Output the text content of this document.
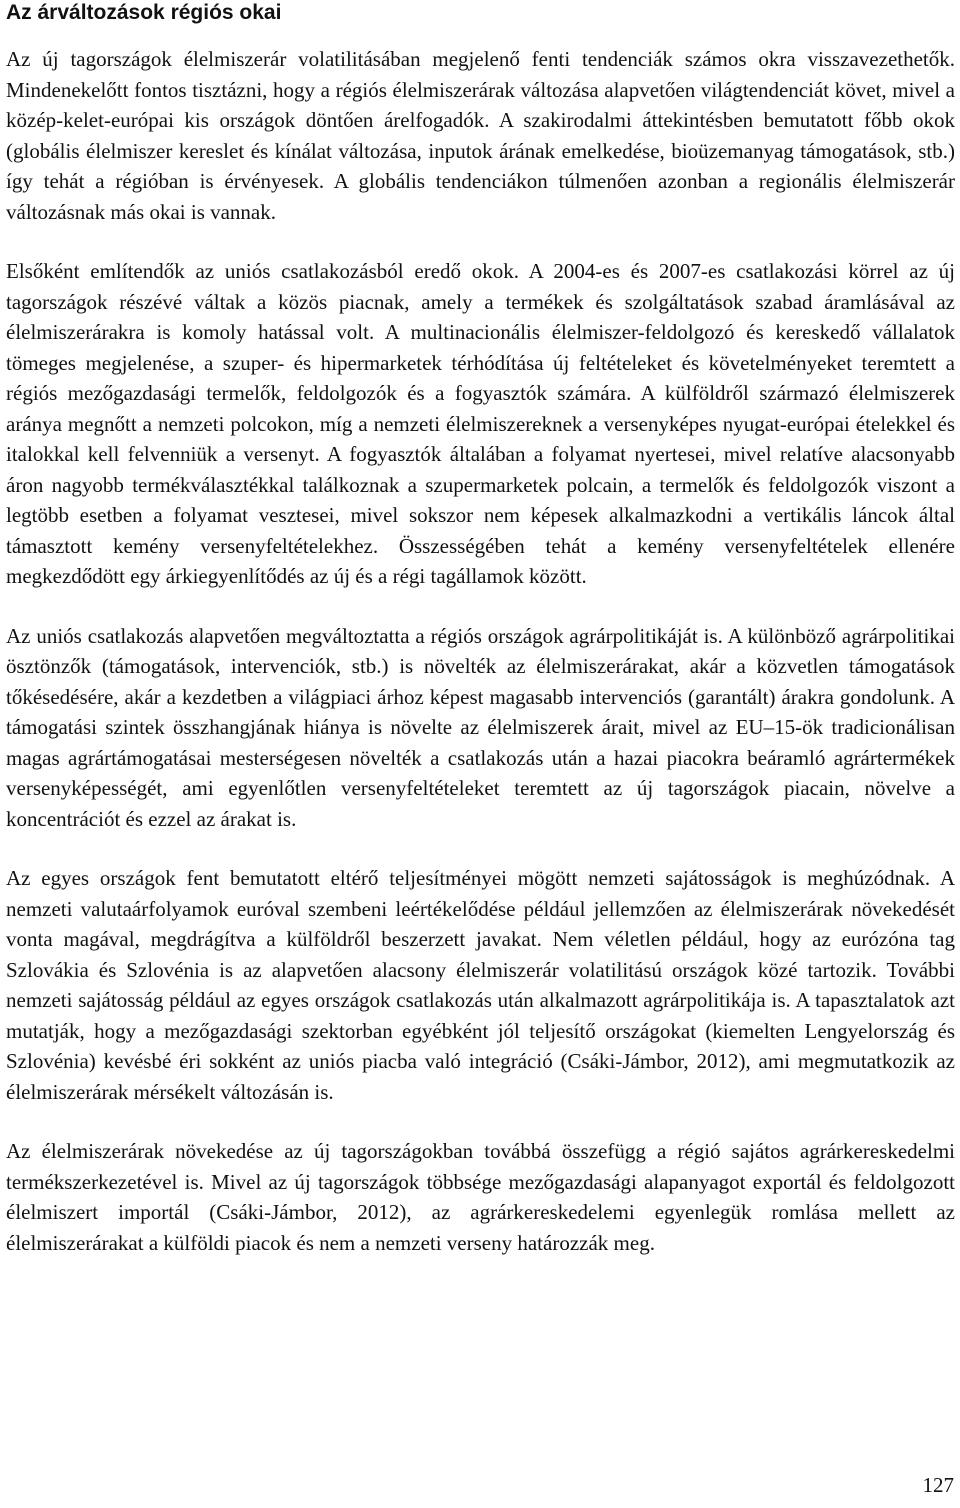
Az árváltozások régiós okai

Az új tagországok élelmiszerár volatilitásában megjelenő fenti tendenciák számos okra visszavezethetők. Mindenekelőtt fontos tisztázni, hogy a régiós élelmiszerárak változása alapvetően világtendenciát követ, mivel a közép-kelet-európai kis országok döntően árelfogadók. A szakirodalmi áttekintésben bemutatott főbb okok (globális élelmiszer kereslet és kínálat változása, inputok árának emelkedése, bioüzemanyag támogatások, stb.) így tehát a régióban is érvényesek. A globális tendenciákon túlmenően azonban a regionális élelmiszerár változásnak más okai is vannak.

Elsőként említendők az uniós csatlakozásból eredő okok. A 2004-es és 2007-es csatlakozási körrel az új tagországok részévé váltak a közös piacnak, amely a termékek és szolgáltatások szabad áramlásával az élelmiszerárakra is komoly hatással volt. A multinacionális élelmiszer-feldolgozó és kereskedő vállalatok tömeges megjelenése, a szuper- és hipermarketek térhódítása új feltételeket és követelményeket teremtett a régiós mezőgazdasági termelők, feldolgozók és a fogyasztók számára. A külföldről származó élelmiszerek aránya megnőtt a nemzeti polcokon, míg a nemzeti élelmiszereknek a versenyképes nyugat-európai ételekkel és italokkal kell felvenniük a versenyt. A fogyasztók általában a folyamat nyertesei, mivel relatíve alacsonyabb áron nagyobb termékválasztékkal találkoznak a szupermarketek polcain, a termelők és feldolgozók viszont a legtöbb esetben a folyamat vesztesei, mivel sokszor nem képesek alkalmazkodni a vertikális láncok által támasztott kemény versenyfeltételekhez. Összességében tehát a kemény versenyfeltételek ellenére megkezdődött egy árkiegyenlítődés az új és a régi tagállamok között.

Az uniós csatlakozás alapvetően megváltoztatta a régiós országok agrárpolitikáját is. A különböző agrárpolitikai ösztönzők (támogatások, intervenciók, stb.) is növelték az élelmiszerárakat, akár a közvetlen támogatások tőkésedésére, akár a kezdetben a világpiaci árhoz képest magasabb intervenciós (garantált) árakra gondolunk. A támogatási szintek összhangjának hiánya is növelte az élelmiszerek árait, mivel az EU–15-ök tradicionálisan magas agrártámogatásai mesterségesen növelték a csatlakozás után a hazai piacokra beáramló agrártermékek versenyképességét, ami egyenlőtlen versenyfeltételeket teremtett az új tagországok piacain, növelve a koncentrációt és ezzel az árakat is.

Az egyes országok fent bemutatott eltérő teljesítményei mögött nemzeti sajátosságok is meghúzódnak. A nemzeti valutaárfolyamok euróval szembeni leértékelődése például jellemzően az élelmiszerárak növekedését vonta magával, megdrágítva a külföldről beszerzett javakat. Nem véletlen például, hogy az eurózóna tag Szlovákia és Szlovénia is az alapvetően alacsony élelmiszerár volatilitású országok közé tartozik. További nemzeti sajátosság például az egyes országok csatlakozás után alkalmazott agrárpolitikája is. A tapasztalatok azt mutatják, hogy a mezőgazdasági szektorban egyébként jól teljesítő országokat (kiemelten Lengyelország és Szlovénia) kevésbé éri sokként az uniós piacba való integráció (Csáki-Jámbor, 2012), ami megmutatkozik az élelmiszerárak mérsékelt változásán is.

Az élelmiszerárak növekedése az új tagországokban továbbá összefügg a régió sajátos agrárkereskedelmi termékszerkezetével is. Mivel az új tagországok többsége mezőgazdasági alapanyagot exportál és feldolgozott élelmiszert importál (Csáki-Jámbor, 2012), az agrárkereskedelemi egyenlegük romlása mellett az élelmiszerárakat a külföldi piacok és nem a nemzeti verseny határozzák meg.

127
